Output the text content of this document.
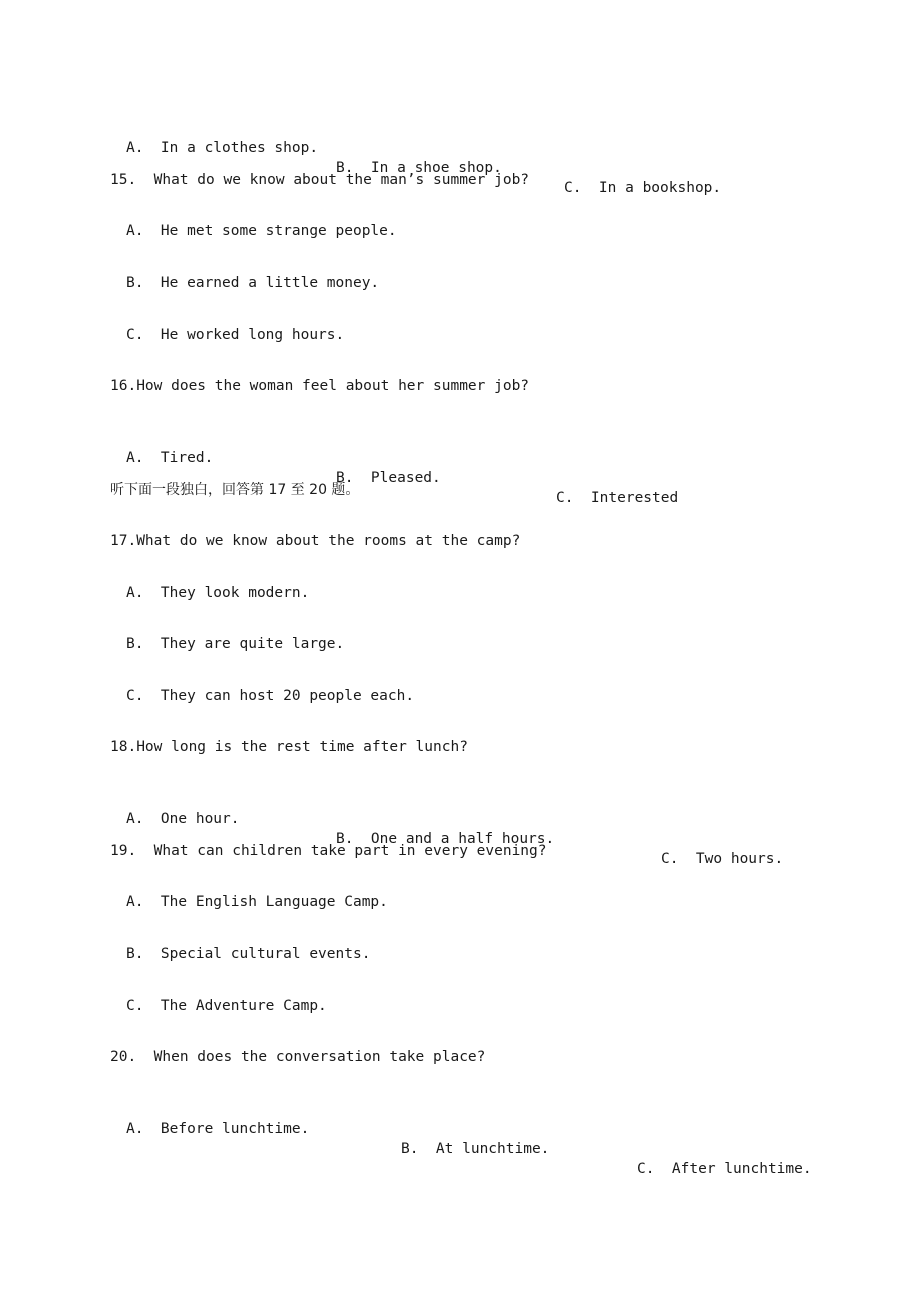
A.  In a clothes shop.

B.  In a shoe shop.

C.  In a bookshop.

15.  What do we know about the man’s summer job?
A.  He met some strange people.
B.  He earned a little money.
C.  He worked long hours.
16.How does the woman feel about her summer job?

A.  Tired.

B.  Pleased.

C.  Interested

听下面一段独白，回答第 17 至 20 题。
17.What do we know about the rooms at the camp?
A.  They look modern.
B.  They are quite large.
C.  They can host 20 people each.
18.How long is the rest time after lunch?

A.  One hour.

B.  One and a half hours.

C.  Two hours.

19.  What can children take part in every evening?
A.  The English Language Camp.
B.  Special cultural events.
C.  The Adventure Camp.
20.  When does the conversation take place?

A.  Before lunchtime.

B.  At lunchtime.

C.  After lunchtime.
